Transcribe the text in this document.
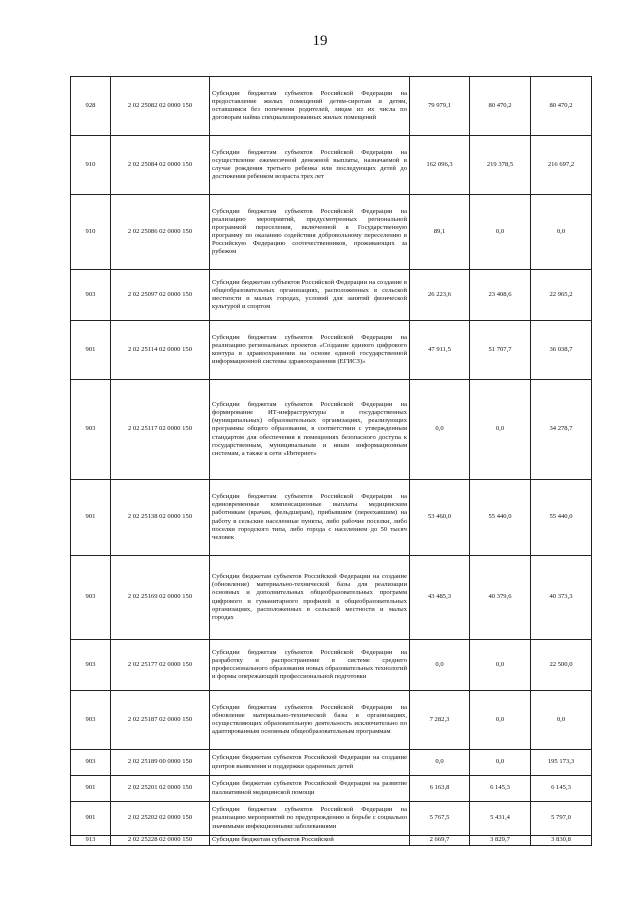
19
928	2 02 25082 02 0000 150	Субсидии бюджетам субъектов Российской Федерации на предоставление жилых помещений детям-сиротам и детям, оставшимся без попечения родителей, лицам из их числа по договорам найма специализированных жилых помещений	79 979,1	80 470,2	80 470,2
910	2 02 25084 02 0000 150	Субсидии бюджетам субъектов Российской Федерации на осуществление ежемесячной денежной выплаты, назначаемой в случае рождения третьего ребенка или последующих детей до достижения ребенком возраста трех лет	162 096,3	219 378,5	216 697,2
910	2 02 25086 02 0000 150	Субсидии бюджетам субъектов Российской Федерации на реализацию мероприятий, предусмотренных региональной программой переселения, включенной в Государственную программу по оказанию содействия добровольному переселению в Российскую Федерацию соотечественников, проживающих за рубежом	89,1	0,0	0,0
903	2 02 25097 02 0000 150	Субсидии бюджетам субъектов Российской Федерации на создание в общеобразовательных организациях, расположенных в сельской местности и малых городах, условий для занятий физической культурой и спортом	26 223,6	23 408,6	22 965,2
901	2 02 25114 02 0000 150	Субсидии бюджетам субъектов Российской Федерации на реализацию региональных проектов «Создание единого цифрового контура в здравоохранении на основе единой государственной информационной системы здравоохранения (ЕГИСЗ)»	47 911,5	51 707,7	36 038,7
903	2 02 25117 02 0000 150	Субсидии бюджетам субъектов Российской Федерации на формирование ИТ-инфраструктуры в государственных (муниципальных) образовательных организациях, реализующих программы общего образования, в соответствии с утвержденным стандартом для обеспечения в помещениях безопасного доступа к государственным, муниципальным и иным информационным системам, а также к сети «Интернет»	0,0	0,0	34 278,7
901	2 02 25138 02 0000 150	Субсидии бюджетам субъектов Российской Федерации на единовременные компенсационные выплаты медицинским работникам (врачам, фельдшерам), прибывшим (переехавшим) на работу в сельские населенные пункты, либо рабочие поселки, либо поселки городского типа, либо города с населением до 50 тысяч человек	53 460,0	55 440,0	55 440,0
903	2 02 25169 02 0000 150	Субсидии бюджетам субъектов Российской Федерации на создание (обновление) материально-технической базы для реализации основных и дополнительных общеобразовательных программ цифрового и гуманитарного профилей в общеобразовательных организациях, расположенных в сельской местности и малых городах	43 485,3	40 379,6	40 373,3
903	2 02 25177 02 0000 150	Субсидии бюджетам субъектов Российской Федерации на разработку и распространение в системе среднего профессионального образования новых образовательных технологий и формы опережающей профессиональной подготовки	0,0	0,0	22 500,0
903	2 02 25187 02 0000 150	Субсидии бюджетам субъектов Российской Федерации на обновление материально-технической базы в организациях, осуществляющих образовательную деятельность исключительно по адаптированным основным общеобразовательным программам	7 282,3	0,0	0,0
903	2 02 25189 00 0000 150	Субсидии бюджетам субъектов Российской Федерации на создание центров выявления и поддержки одаренных детей	0,0	0,0	195 173,3
901	2 02 25201 02 0000 150	Субсидии бюджетам субъектов Российской Федерации на развитие паллиативной медицинской помощи	6 163,8	6 145,3	6 145,3
901	2 02 25202 02 0000 150	Субсидии бюджетам субъектов Российской Федерации на реализацию мероприятий по предупреждению и борьбе с социально значимыми инфекционными заболеваниями	5 767,5	5 431,4	5 797,0
913	2 02 25228 02 0000 150	Субсидии бюджетам субъектов Российской	2 669,7	3 829,7	3 830,8
